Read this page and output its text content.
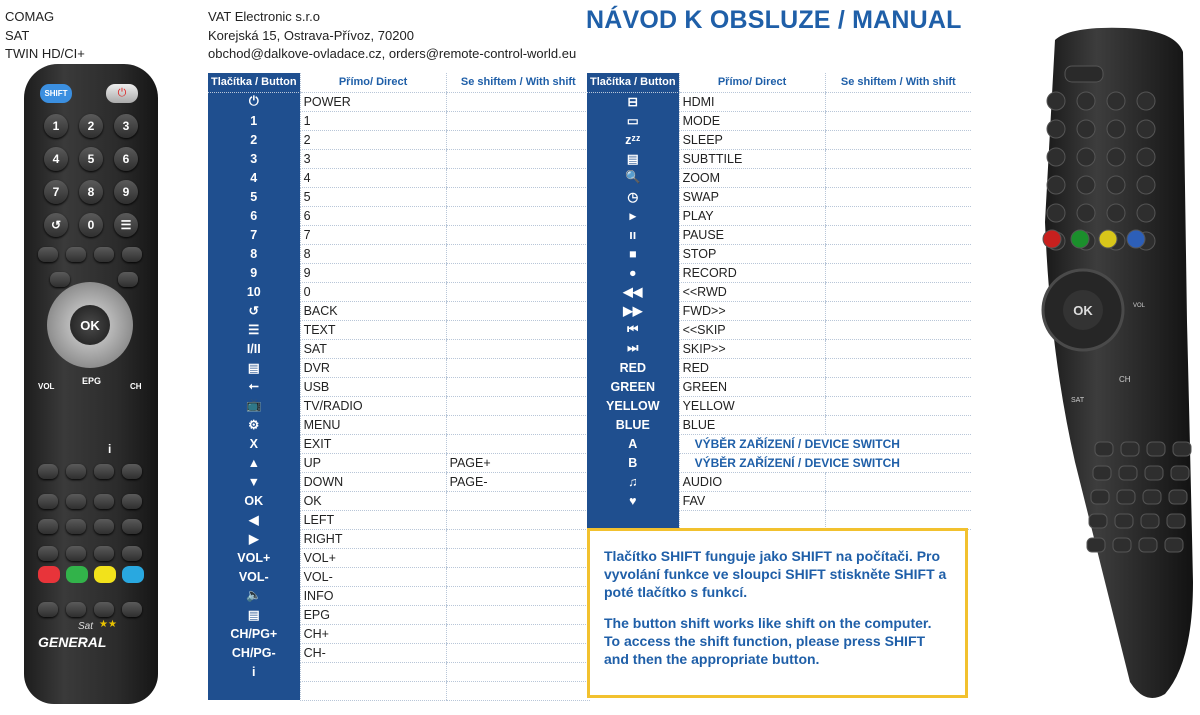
COMAG
SAT
TWIN HD/CI+
VAT Electronic s.r.o
Korejská 15, Ostrava-Přívoz, 70200
obchod@dalkove-ovladace.cz, orders@remote-control-world.eu
NÁVOD K OBSLUZE / MANUAL
SHIFT	⏻
1	2	3
4	5	6
7	8	9
↺	0	☰
OK
VOL
EPG
CH
i
Sat ★★
GENERAL
Tlačítka / Button	Přímo/ Direct	Se shiftem / With shift
⏻	POWER	
1	1	
2	2	
3	3	
4	4	
5	5	
6	6	
7	7	
8	8	
9	9	
10	0	
↺	BACK	
☰	TEXT	
I/II	SAT	
▤	DVR	
⭠	USB	
📺	TV/RADIO	
⚙	MENU	
X	EXIT	
▲	UP	PAGE+
▼	DOWN	PAGE-
OK	OK	
◀	LEFT	
▶	RIGHT	
VOL+	VOL+	
VOL-	VOL-	
🔈	INFO	
▤	EPG	
CH/PG+	CH+	
CH/PG-	CH-	
i		

Tlačítka / Button	Přímo/ Direct	Se shiftem / With shift
⊟	HDMI	
▭	MODE	
zᶻᶻ	SLEEP	
▤	SUBTTILE	
🔍	ZOOM	
◷	SWAP	
▸	PLAY	
ıı	PAUSE	
■	STOP	
●	RECORD	
◀◀	<<RWD	
▶▶	FWD>>	
⏮	<<SKIP	
⏭	SKIP>>	
RED	RED	
GREEN	GREEN	
YELLOW	YELLOW	
BLUE	BLUE	
A	VÝBĚR ZAŘÍZENÍ / DEVICE SWITCH	
B	VÝBĚR ZAŘÍZENÍ / DEVICE SWITCH	
♫	AUDIO	
♥	FAV	

Tlačítko SHIFT funguje jako SHIFT na počítači. Pro vyvolání funkce ve sloupci SHIFT stiskněte SHIFT a poté tlačítko s funkcí.

The button shift works like shift on the computer. To access the shift function, please press SHIFT and then the appropriate button.

OK
CH
VOL
SAT
